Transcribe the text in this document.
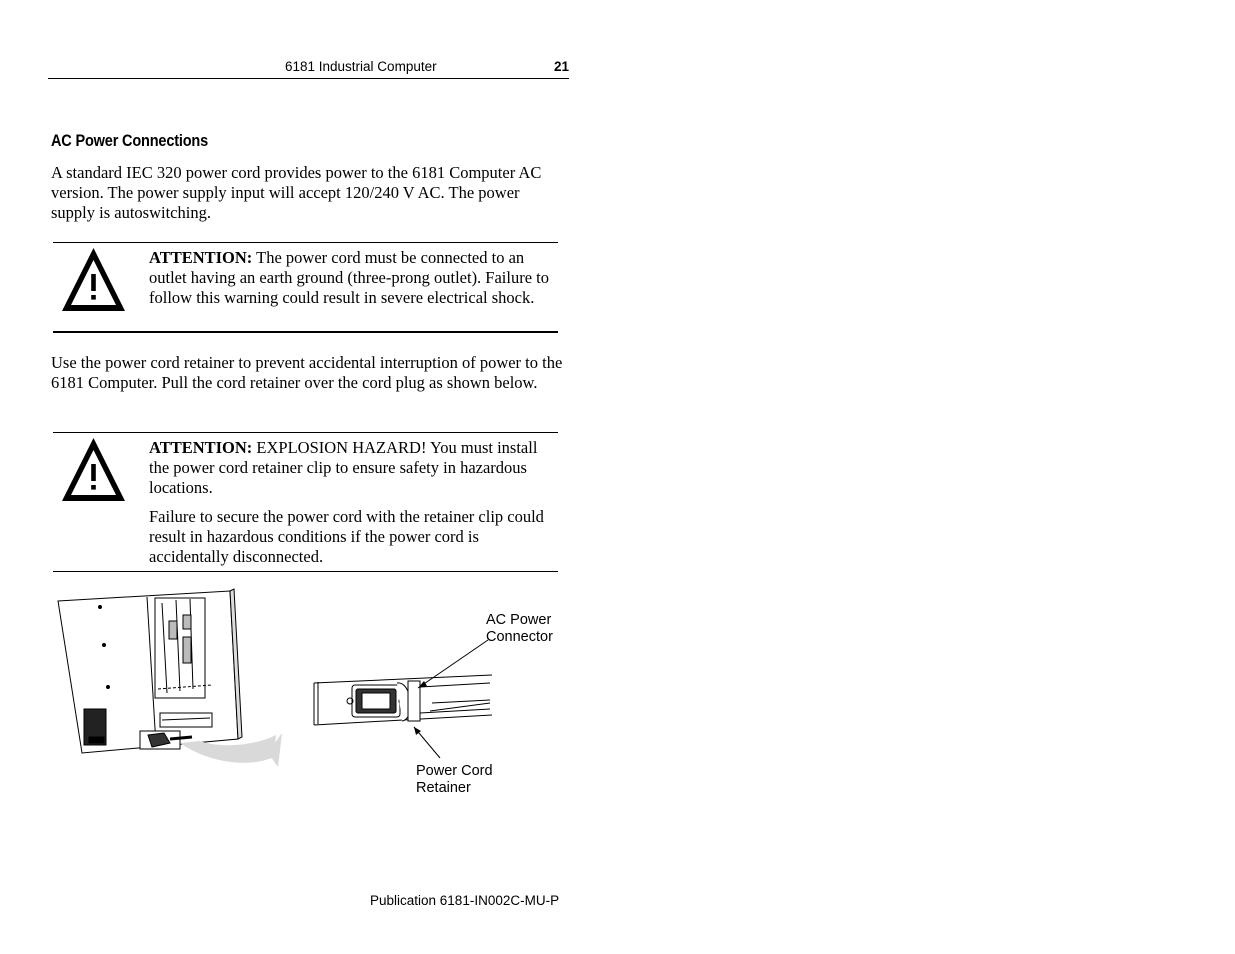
6181 Industrial Computer	21
AC Power Connections
A standard IEC 320 power cord provides power to the 6181 Computer AC version. The power supply input will accept 120/240 V AC. The power supply is autoswitching.

ATTENTION: The power cord must be connected to an outlet having an earth ground (three-prong outlet). Failure to follow this warning could result in severe electrical shock.

Use the power cord retainer to prevent accidental interruption of power to the 6181 Computer. Pull the cord retainer over the cord plug as shown below.

ATTENTION: EXPLOSION HAZARD! You must install the power cord retainer clip to ensure safety in hazardous locations.

Failure to secure the power cord with the retainer clip could result in hazardous conditions if the power cord is accidentally disconnected.

AC Power
Connector
Power Cord
Retainer
Publication 6181-IN002C-MU-P
